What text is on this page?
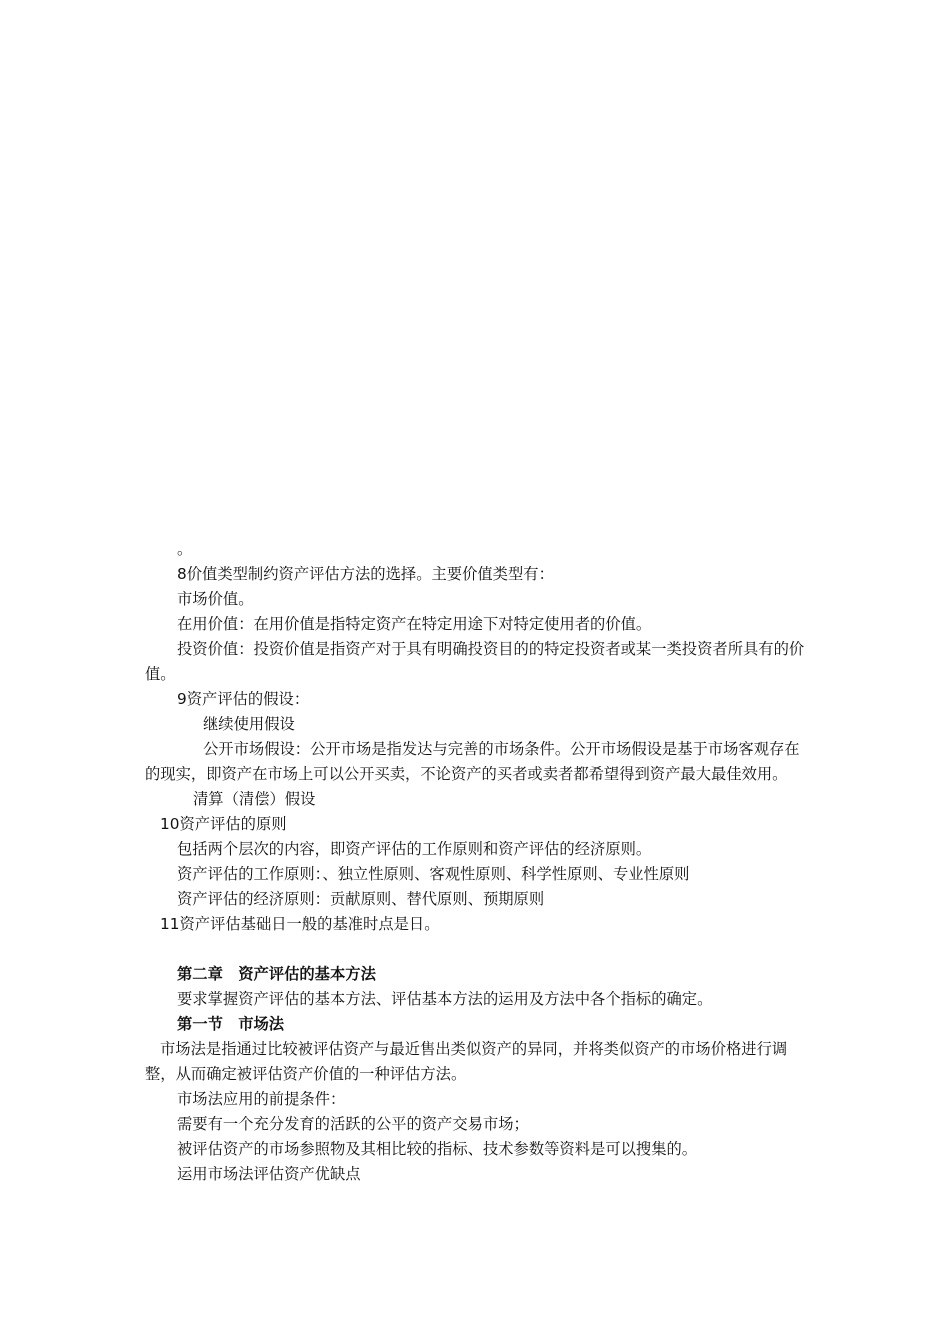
。

8价值类型制约资产评估方法的选择。主要价值类型有：

市场价值。

在用价值：在用价值是指特定资产在特定用途下对特定使用者的价值。

投资价值：投资价值是指资产对于具有明确投资目的的特定投资者或某一类投资者所具有的价值。

9资产评估的假设：

继续使用假设

公开市场假设：公开市场是指发达与完善的市场条件。公开市场假设是基于市场客观存在的现实，即资产在市场上可以公开买卖，不论资产的买者或卖者都希望得到资产最大最佳效用。

清算（清偿）假设

10资产评估的原则

包括两个层次的内容，即资产评估的工作原则和资产评估的经济原则。

资产评估的工作原则：、独立性原则、客观性原则、科学性原则、专业性原则

资产评估的经济原则：贡献原则、替代原则、预期原则

11资产评估基础日一般的基准时点是日。

第二章　资产评估的基本方法

要求掌握资产评估的基本方法、评估基本方法的运用及方法中各个指标的确定。

第一节　市场法

市场法是指通过比较被评估资产与最近售出类似资产的异同，并将类似资产的市场价格进行调整，从而确定被评估资产价值的一种评估方法。

市场法应用的前提条件：

需要有一个充分发育的活跃的公平的资产交易市场；

被评估资产的市场参照物及其相比较的指标、技术参数等资料是可以搜集的。

运用市场法评估资产优缺点
